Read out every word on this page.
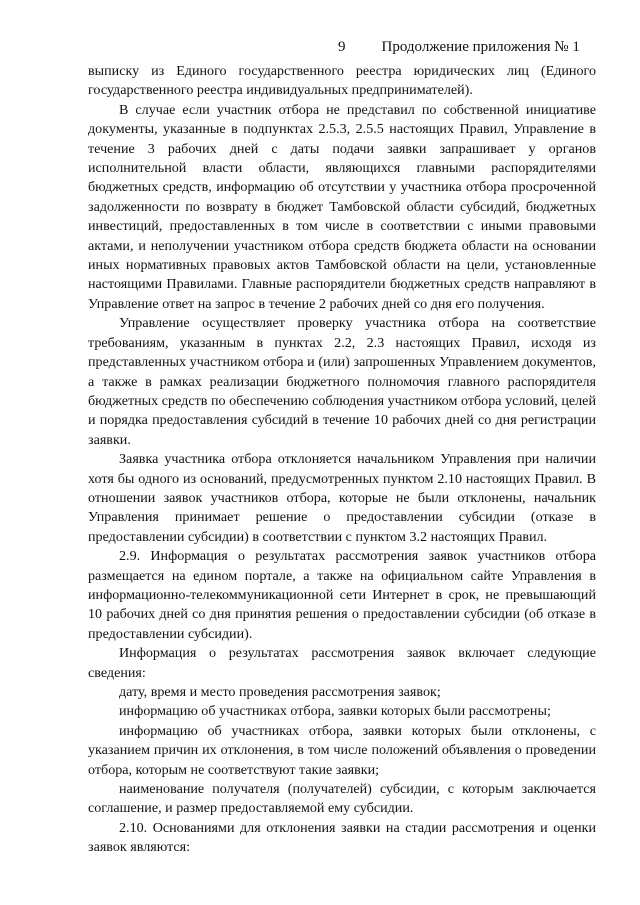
9 Продолжение приложения № 1

выписку из Единого государственного реестра юридических лиц (Единого государственного реестра индивидуальных предпринимателей).

В случае если участник отбора не представил по собственной инициативе документы, указанные в подпунктах 2.5.3, 2.5.5 настоящих Правил, Управление в течение 3 рабочих дней с даты подачи заявки запрашивает у органов исполнительной власти области, являющихся главными распорядителями бюджетных средств, информацию об отсутствии у участника отбора просроченной задолженности по возврату в бюджет Тамбовской области субсидий, бюджетных инвестиций, предоставленных в том числе в соответствии с иными правовыми актами, и неполучении участником отбора средств бюджета области на основании иных нормативных правовых актов Тамбовской области на цели, установленные настоящими Правилами. Главные распорядители бюджетных средств направляют в Управление ответ на запрос в течение 2 рабочих дней со дня его получения.

Управление осуществляет проверку участника отбора на соответствие требованиям, указанным в пунктах 2.2, 2.3 настоящих Правил, исходя из представленных участником отбора и (или) запрошенных Управлением документов, а также в рамках реализации бюджетного полномочия главного распорядителя бюджетных средств по обеспечению соблюдения участником отбора условий, целей и порядка предоставления субсидий в течение 10 рабочих дней со дня регистрации заявки.

Заявка участника отбора отклоняется начальником Управления при наличии хотя бы одного из оснований, предусмотренных пунктом 2.10 настоящих Правил. В отношении заявок участников отбора, которые не были отклонены, начальник Управления принимает решение о предоставлении субсидии (отказе в предоставлении субсидии) в соответствии с пунктом 3.2 настоящих Правил.

2.9. Информация о результатах рассмотрения заявок участников отбора размещается на едином портале, а также на официальном сайте Управления в информационно-телекоммуникационной сети Интернет в срок, не превышающий 10 рабочих дней со дня принятия решения о предоставлении субсидии (об отказе в предоставлении субсидии).

Информация о результатах рассмотрения заявок включает следующие сведения:

дату, время и место проведения рассмотрения заявок;

информацию об участниках отбора, заявки которых были рассмотрены;

информацию об участниках отбора, заявки которых были отклонены, с указанием причин их отклонения, в том числе положений объявления о проведении отбора, которым не соответствуют такие заявки;

наименование получателя (получателей) субсидии, с которым заключается соглашение, и размер предоставляемой ему субсидии.

2.10. Основаниями для отклонения заявки на стадии рассмотрения и оценки заявок являются:
